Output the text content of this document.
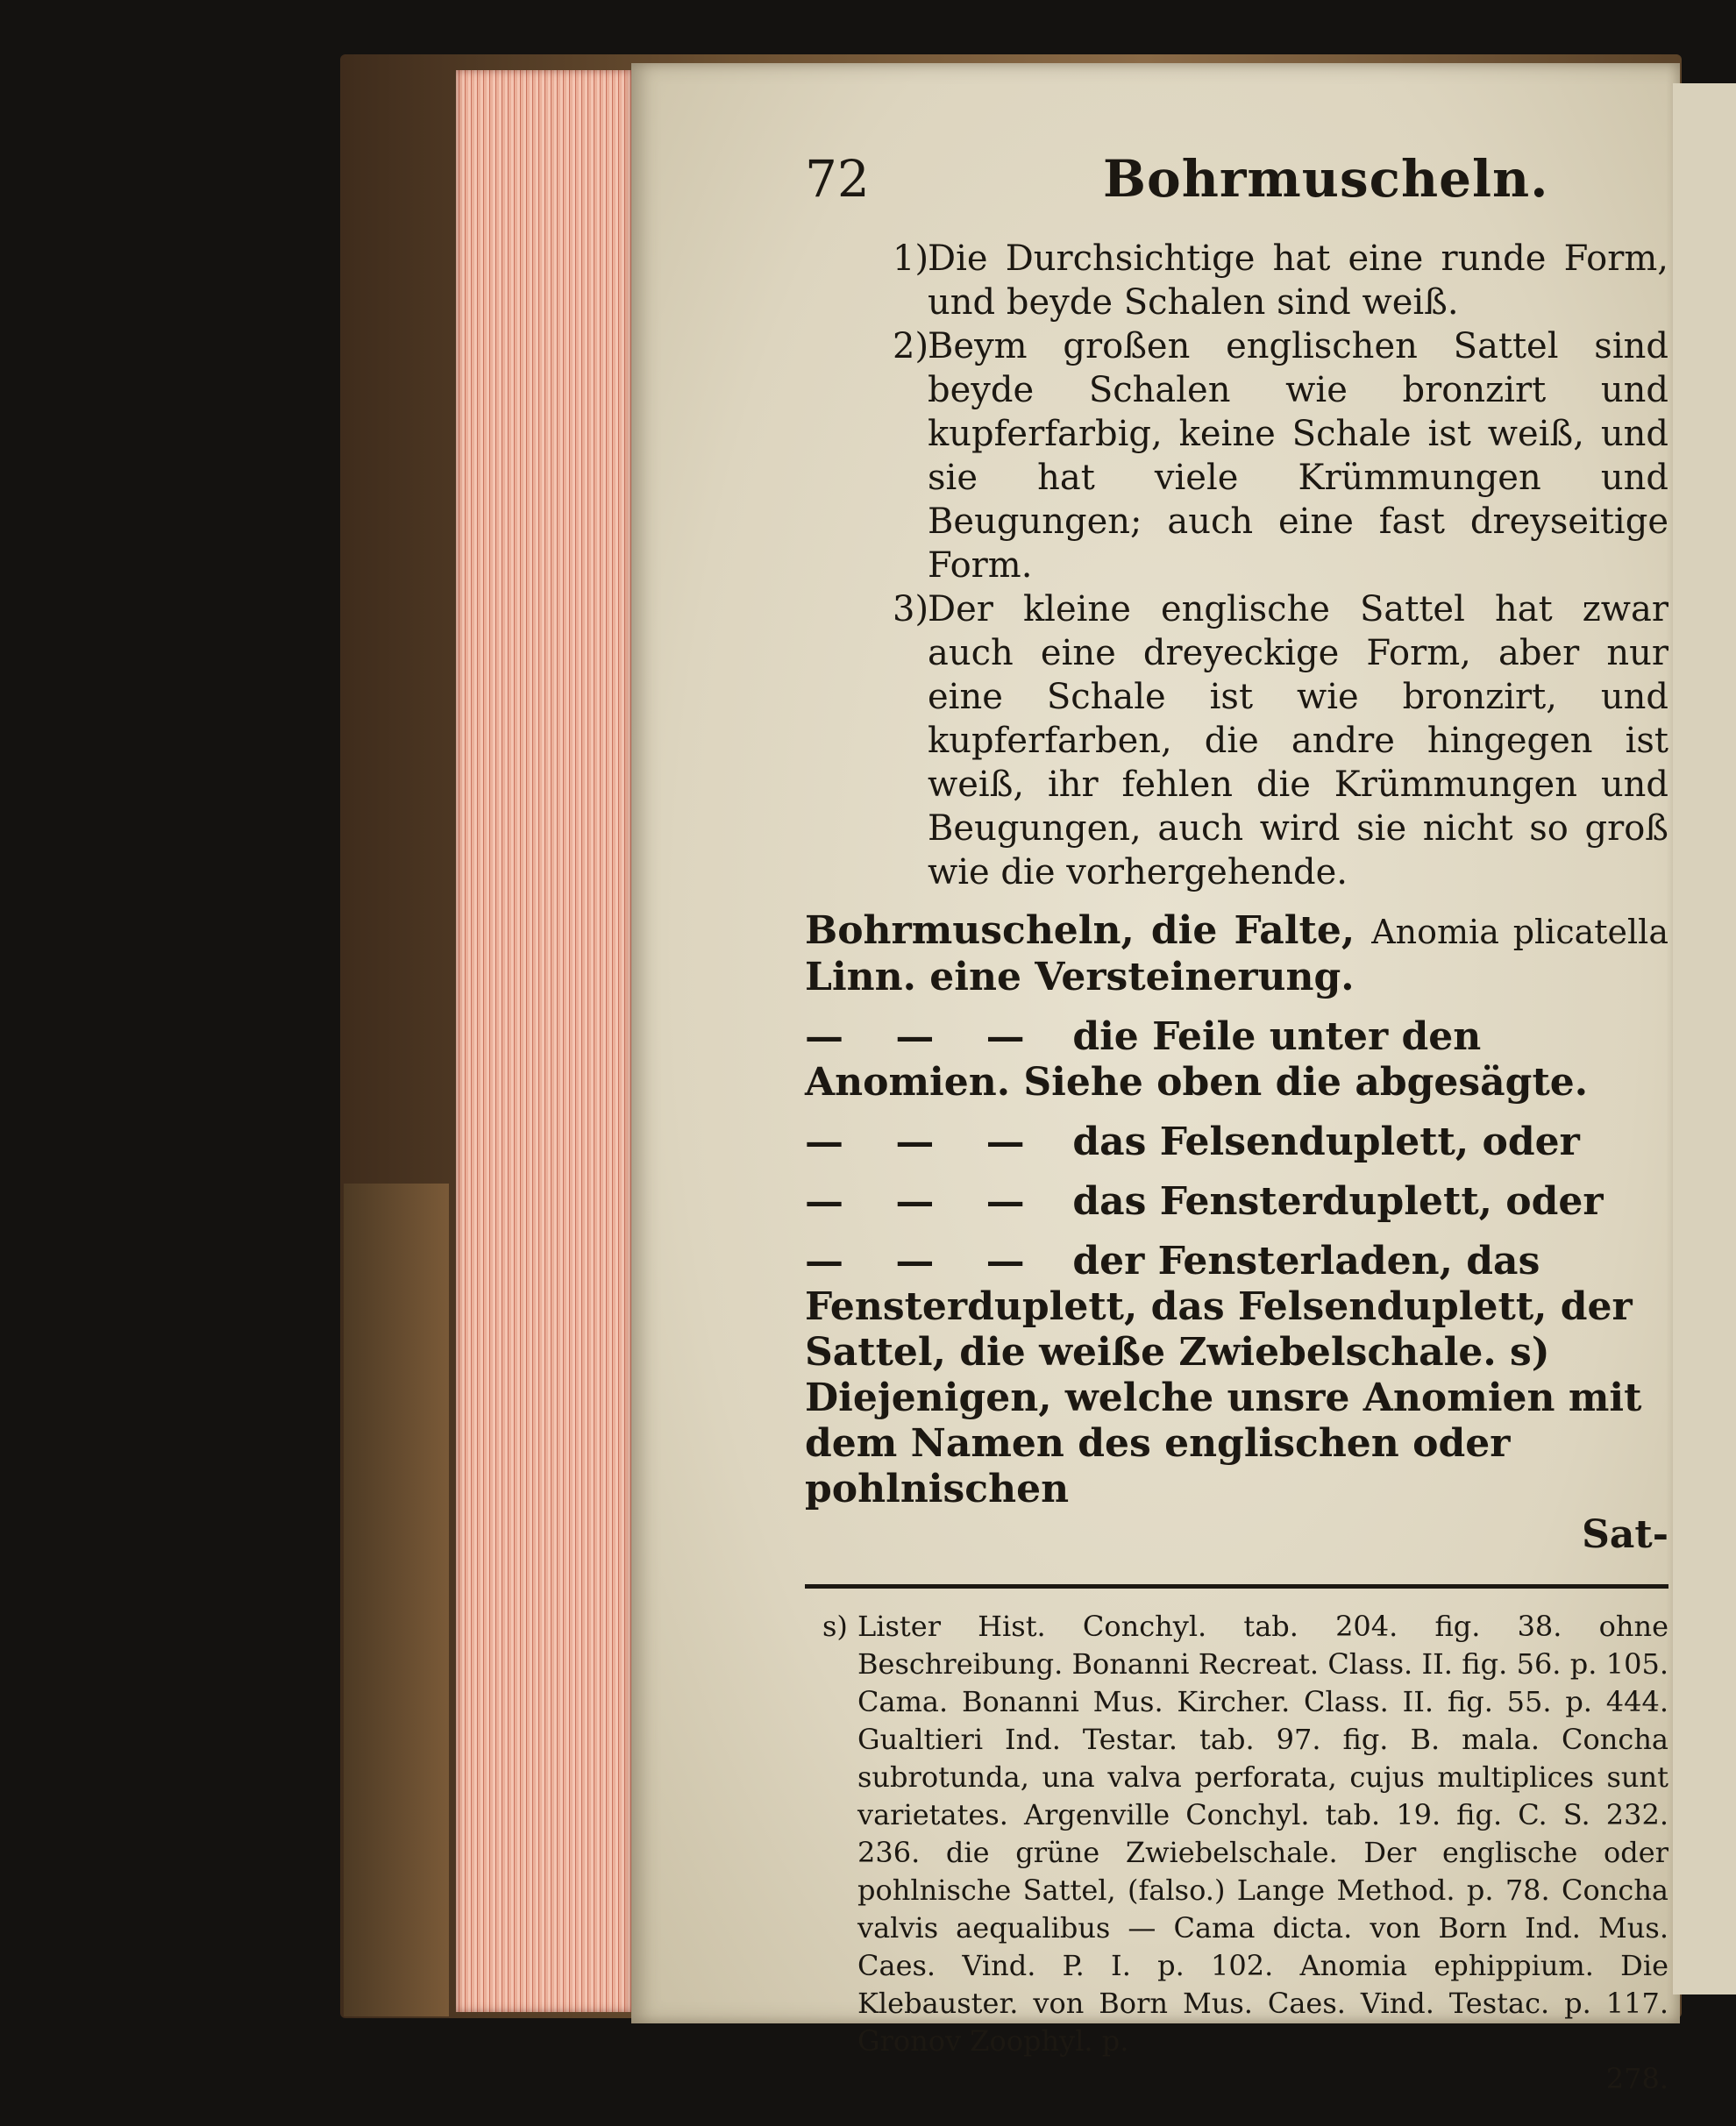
72	Bohrmuscheln.
1)
Die Durchsichtige hat eine runde Form, und beyde Schalen sind weiß.
2)
Beym großen englischen Sattel sind beyde Schalen wie bronzirt und kupferfarbig, keine Schale ist weiß, und sie hat viele Krümmungen und Beugungen; auch eine fast dreyseitige Form.
3)
Der kleine englische Sattel hat zwar auch eine dreyeckige Form, aber nur eine Schale ist wie bronzirt, und kupferfarben, die andre hingegen ist weiß, ihr fehlen die Krümmungen und Beugungen, auch wird sie nicht so groß wie die vorhergehende.
Bohrmuscheln, die Falte, Anomia plicatella Linn. eine Versteinerung.
— — — die Feile unter den Anomien. Siehe oben die abgesägte.
— — — das Felsenduplett, oder
— — — das Fensterduplett, oder
— — — der Fensterladen, das Fensterduplett, das Felsenduplett, der Sattel, die weiße Zwiebelschale. s) Diejenigen, welche unsre Anomien mit dem Namen des englischen oder pohlnischen
Sat-
s) Lister Hist. Conchyl. tab. 204. fig. 38. ohne Beschreibung. Bonanni Recreat. Class. II. fig. 56. p. 105. Cama. Bonanni Mus. Kircher. Class. II. fig. 55. p. 444. Gualtieri Ind. Testar. tab. 97. fig. B. mala. Concha subrotunda, una valva perforata, cujus multiplices sunt varietates. Argenville Conchyl. tab. 19. fig. C. S. 232. 236. die grüne Zwiebelschale. Der englische oder pohlnische Sattel, (falso.) Lange Method. p. 78. Concha valvis aequalibus — Cama dicta. von Born Ind. Mus. Caes. Vind. P. I. p. 102. Anomia ephippium. Die Klebauster. von Born Mus. Caes. Vind. Testac. p. 117. Gronov Zoophyl. p.
278.
